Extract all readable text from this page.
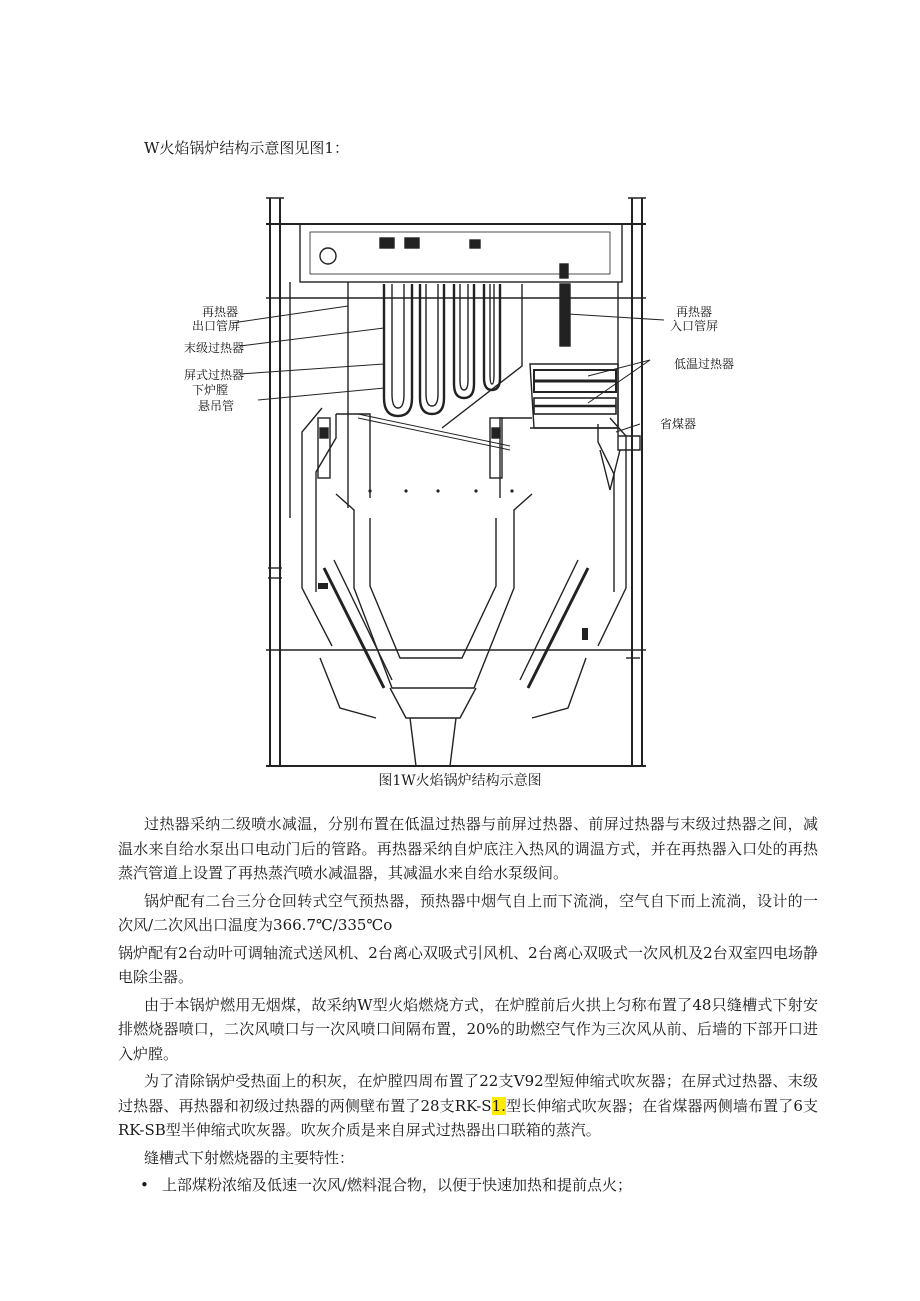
W火焰锅炉结构示意图见图1：
再热器
出口管屏
末级过热器
屏式过热器
下炉膛
悬吊管
再热器
入口管屏
低温过热器
省煤器
图1W火焰锅炉结构示意图

过热器采纳二级喷水减温，分别布置在低温过热器与前屏过热器、前屏过热器与末级过热器之间，减温水来自给水泵出口电动门后的管路。再热器采纳自炉底注入热风的调温方式，并在再热器入口处的再热蒸汽管道上设置了再热蒸汽喷水减温器，其减温水来自给水泵级间。

锅炉配有二台三分仓回转式空气预热器，预热器中烟气自上而下流淌，空气自下而上流淌，设计的一次风/二次风出口温度为366.7℃/335℃o

锅炉配有2台动叶可调轴流式送风机、2台离心双吸式引风机、2台离心双吸式一次风机及2台双室四电场静电除尘器。

由于本锅炉燃用无烟煤，故采纳W型火焰燃烧方式，在炉膛前后火拱上匀称布置了48只缝槽式下射安排燃烧器喷口，二次风喷口与一次风喷口间隔布置，20%的助燃空气作为三次风从前、后墙的下部开口进入炉膛。

为了清除锅炉受热面上的积灰，在炉膛四周布置了22支V92型短伸缩式吹灰器；在屏式过热器、末级过热器、再热器和初级过热器的两侧壁布置了28支RK-S1.型长伸缩式吹灰器；在省煤器两侧墙布置了6支RK-SB型半伸缩式吹灰器。吹灰介质是来自屏式过热器出口联箱的蒸汽。

缝槽式下射燃烧器的主要特性：

• 上部煤粉浓缩及低速一次风/燃料混合物，以便于快速加热和提前点火；
